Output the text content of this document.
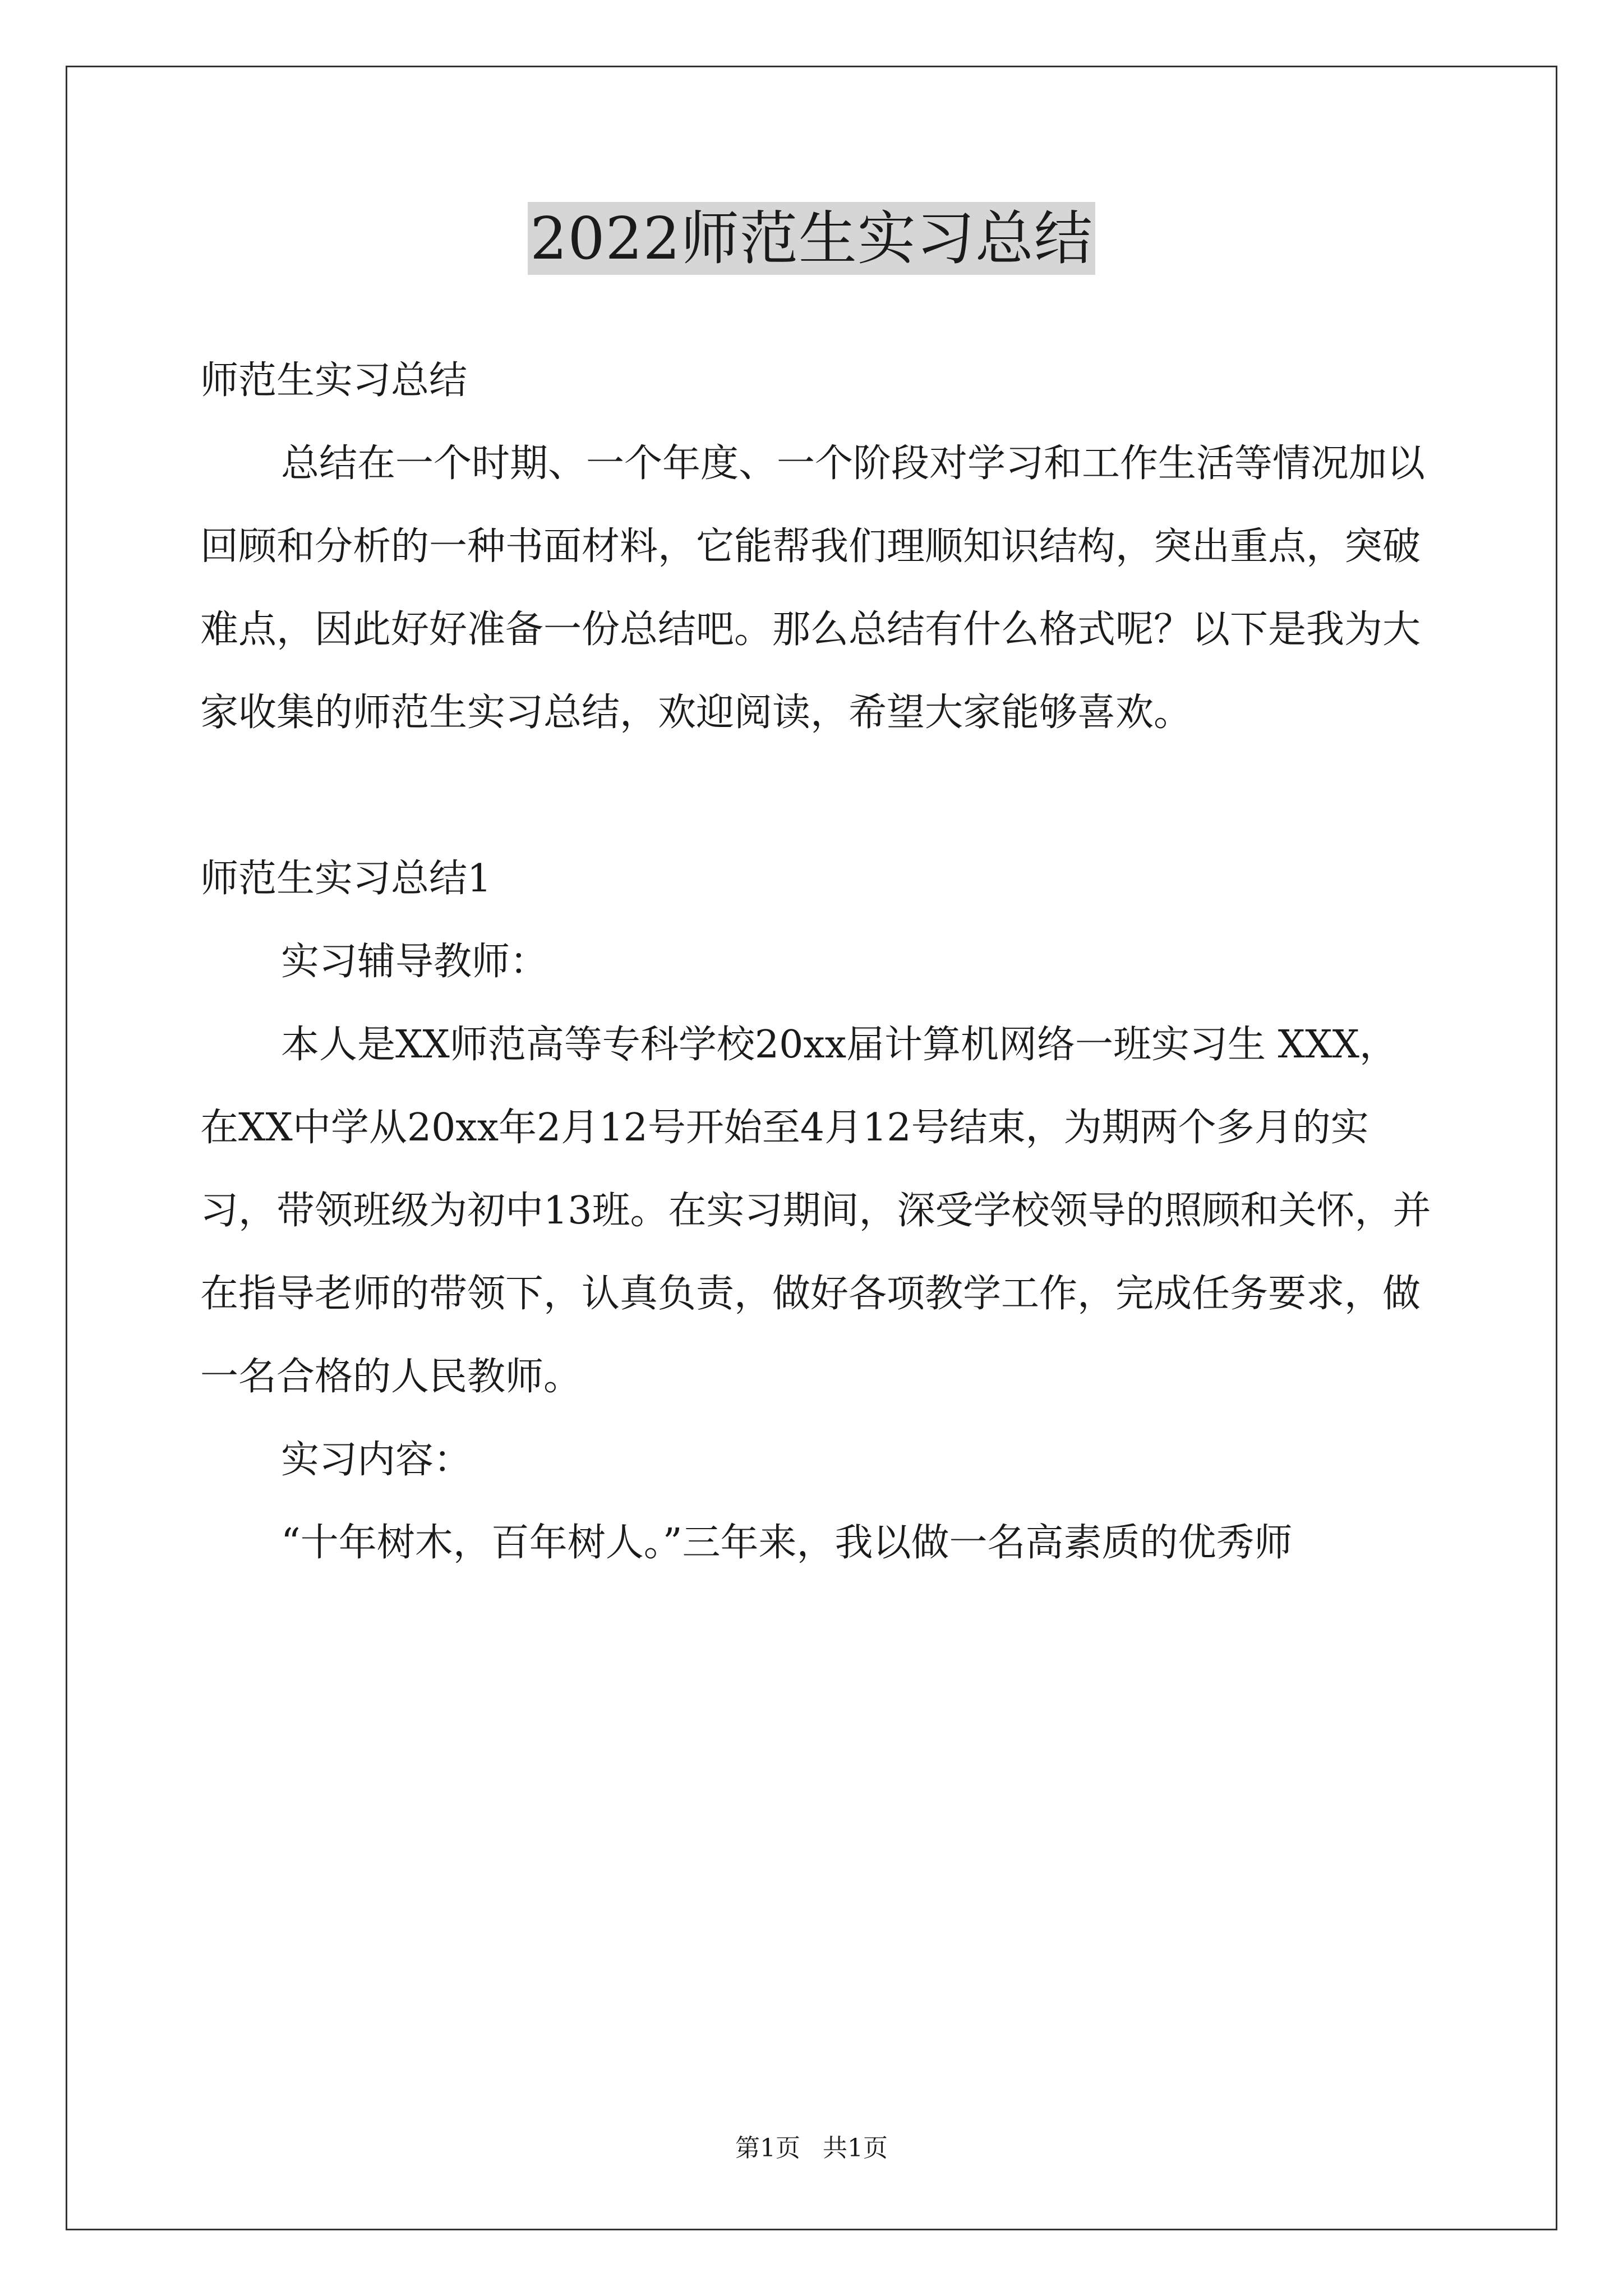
2022师范生实习总结

师范生实习总结

总结在一个时期、一个年度、一个阶段对学习和工作生活等情况加以回顾和分析的一种书面材料，它能帮我们理顺知识结构，突出重点，突破难点，因此好好准备一份总结吧。那么总结有什么格式呢？以下是我为大家收集的师范生实习总结，欢迎阅读，希望大家能够喜欢。

师范生实习总结1

实习辅导教师：

本人是XX师范高等专科学校20xx届计算机网络一班实习生 XXX，在XX中学从20xx年2月12号开始至4月12号结束，为期两个多月的实习，带领班级为初中13班。在实习期间，深受学校领导的照顾和关怀，并在指导老师的带领下，认真负责，做好各项教学工作，完成任务要求，做一名合格的人民教师。

实习内容：

“十年树木，百年树人。”三年来，我以做一名高素质的优秀师

第1页 共1页
